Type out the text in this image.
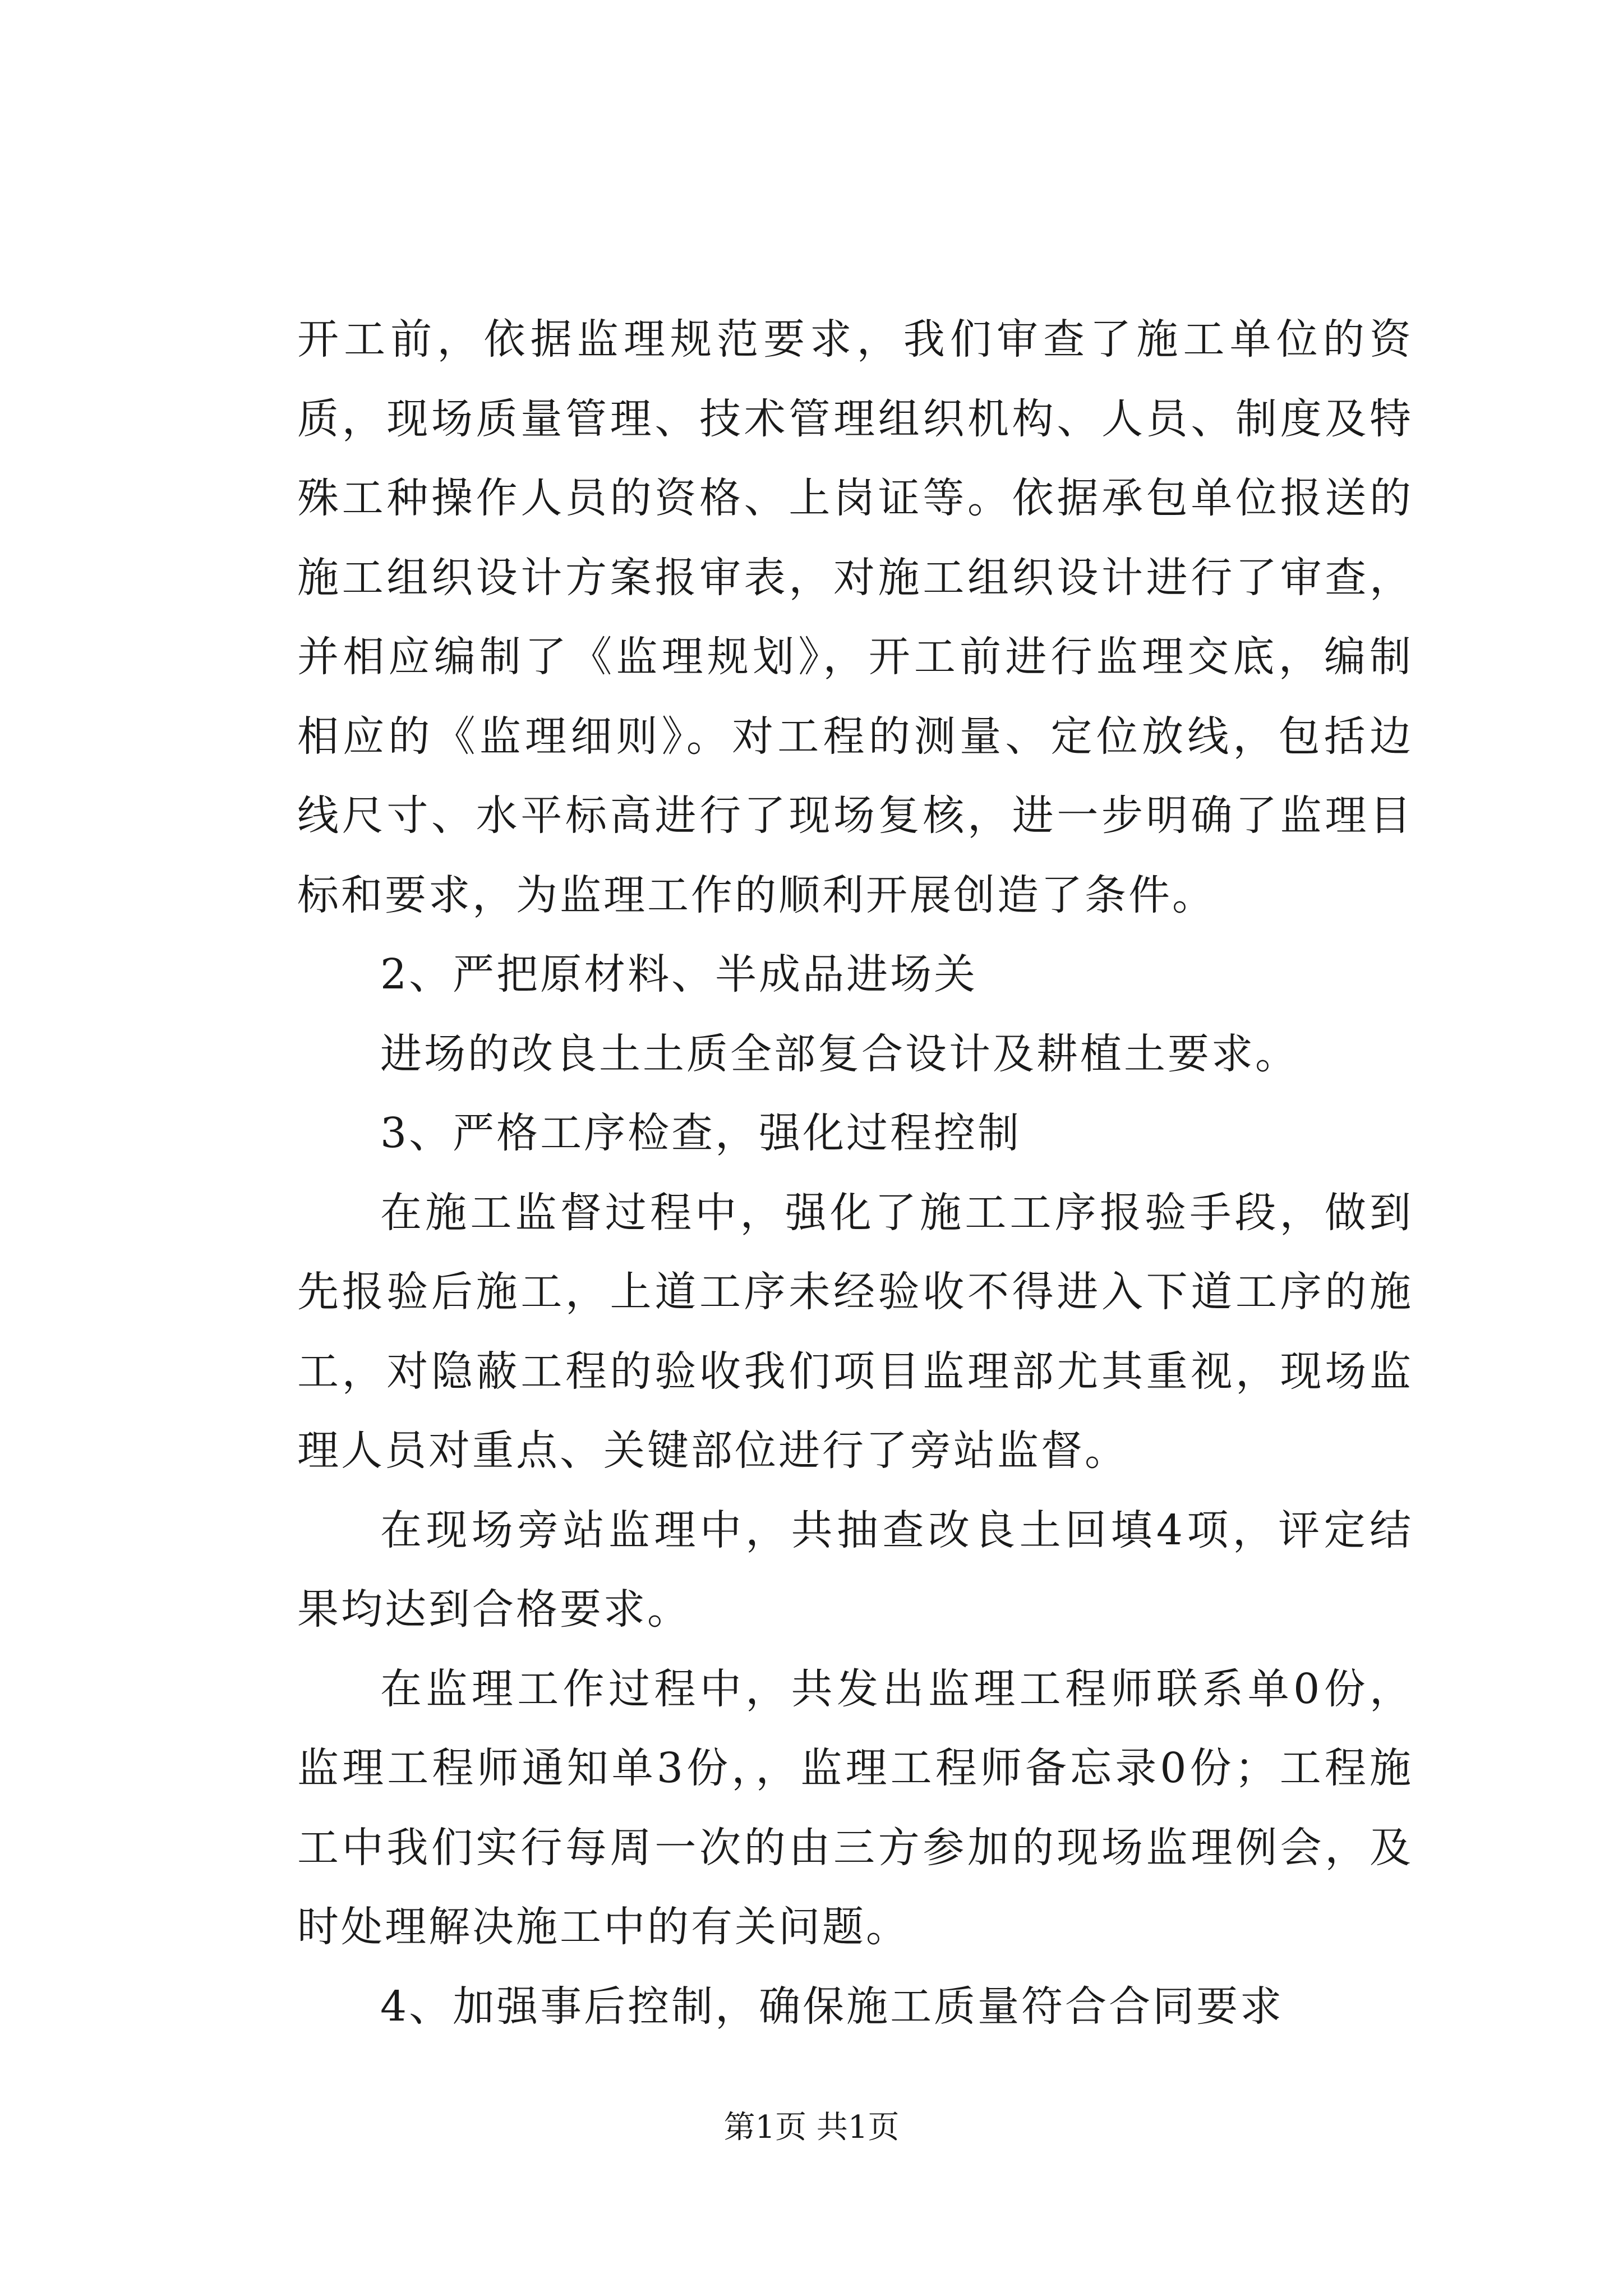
开工前，依据监理规范要求，我们审查了施工单位的资质，现场质量管理、技术管理组织机构、人员、制度及特殊工种操作人员的资格、上岗证等。依据承包单位报送的施工组织设计方案报审表，对施工组织设计进行了审查，并相应编制了《监理规划》，开工前进行监理交底，编制相应的《监理细则》。对工程的测量、定位放线，包括边线尺寸、水平标高进行了现场复核，进一步明确了监理目标和要求，为监理工作的顺利开展创造了条件。

2、严把原材料、半成品进场关

进场的改良土土质全部复合设计及耕植土要求。

3、严格工序检查，强化过程控制

在施工监督过程中，强化了施工工序报验手段，做到先报验后施工，上道工序未经验收不得进入下道工序的施工，对隐蔽工程的验收我们项目监理部尤其重视，现场监理人员对重点、关键部位进行了旁站监督。

在现场旁站监理中，共抽查改良土回填4项，评定结果均达到合格要求。

在监理工作过程中，共发出监理工程师联系单0份，监理工程师通知单3份，，监理工程师备忘录0份；工程施工中我们实行每周一次的由三方参加的现场监理例会，及时处理解决施工中的有关问题。

4、加强事后控制，确保施工质量符合合同要求

第1页 共1页
